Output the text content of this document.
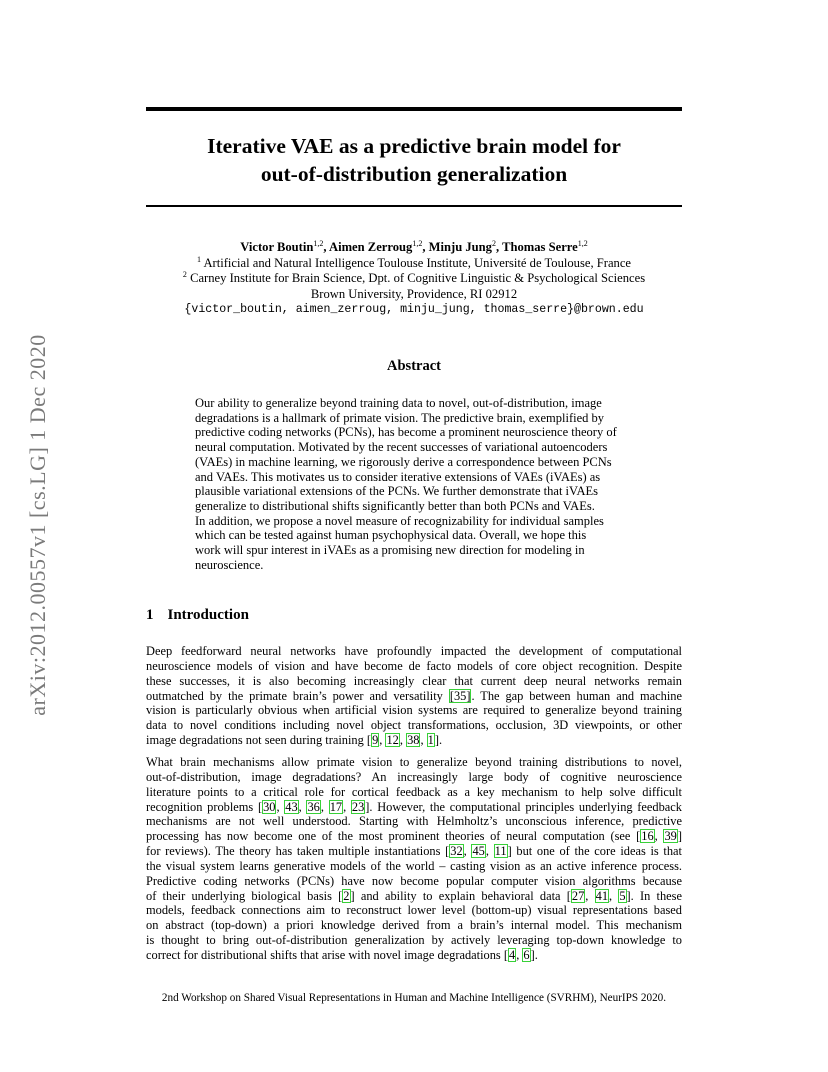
arXiv:2012.00557v1 [cs.LG] 1 Dec 2020
Iterative VAE as a predictive brain model for
out-of-distribution generalization
Victor Boutin$^{1,2}$, Aimen Zerroug$^{1,2}$, Minju Jung$^2$, Thomas Serre$^{1,2}$
$^1$ Artificial and Natural Intelligence Toulouse Institute, Université de Toulouse, France
$^2$ Carney Institute for Brain Science, Dpt. of Cognitive Linguistic & Psychological Sciences
Brown University, Providence, RI 02912
{victor_boutin, aimen_zerroug, minju_jung, thomas_serre}@brown.edu
Abstract
Our ability to generalize beyond training data to novel, out-of-distribution, image
degradations is a hallmark of primate vision. The predictive brain, exemplified by
predictive coding networks (PCNs), has become a prominent neuroscience theory of
neural computation. Motivated by the recent successes of variational autoencoders
(VAEs) in machine learning, we rigorously derive a correspondence between PCNs
and VAEs. This motivates us to consider iterative extensions of VAEs (iVAEs) as
plausible variational extensions of the PCNs. We further demonstrate that iVAEs
generalize to distributional shifts significantly better than both PCNs and VAEs.
In addition, we propose a novel measure of recognizability for individual samples
which can be tested against human psychophysical data. Overall, we hope this
work will spur interest in iVAEs as a promising new direction for modeling in
neuroscience.
1 Introduction
Deep feedforward neural networks have profoundly impacted the development of computational
neuroscience models of vision and have become de facto models of core object recognition. Despite
these successes, it is also becoming increasingly clear that current deep neural networks remain
outmatched by the primate brain’s power and versatility [35]. The gap between human and machine
vision is particularly obvious when artificial vision systems are required to generalize beyond training
data to novel conditions including novel object transformations, occlusion, 3D viewpoints, or other
image degradations not seen during training [9, 12, 38, 1].
What brain mechanisms allow primate vision to generalize beyond training distributions to novel,
out-of-distribution, image degradations? An increasingly large body of cognitive neuroscience
literature points to a critical role for cortical feedback as a key mechanism to help solve difficult
recognition problems [30, 43, 36, 17, 23]. However, the computational principles underlying feedback
mechanisms are not well understood. Starting with Helmholtz’s unconscious inference, predictive
processing has now become one of the most prominent theories of neural computation (see [16, 39]
for reviews). The theory has taken multiple instantiations [32, 45, 11] but one of the core ideas is that
the visual system learns generative models of the world – casting vision as an active inference process.
Predictive coding networks (PCNs) have now become popular computer vision algorithms because
of their underlying biological basis [2] and ability to explain behavioral data [27, 41, 5]. In these
models, feedback connections aim to reconstruct lower level (bottom-up) visual representations based
on abstract (top-down) a priori knowledge derived from a brain’s internal model. This mechanism
is thought to bring out-of-distribution generalization by actively leveraging top-down knowledge to
correct for distributional shifts that arise with novel image degradations [4, 6].
2nd Workshop on Shared Visual Representations in Human and Machine Intelligence (SVRHM), NeurIPS 2020.
